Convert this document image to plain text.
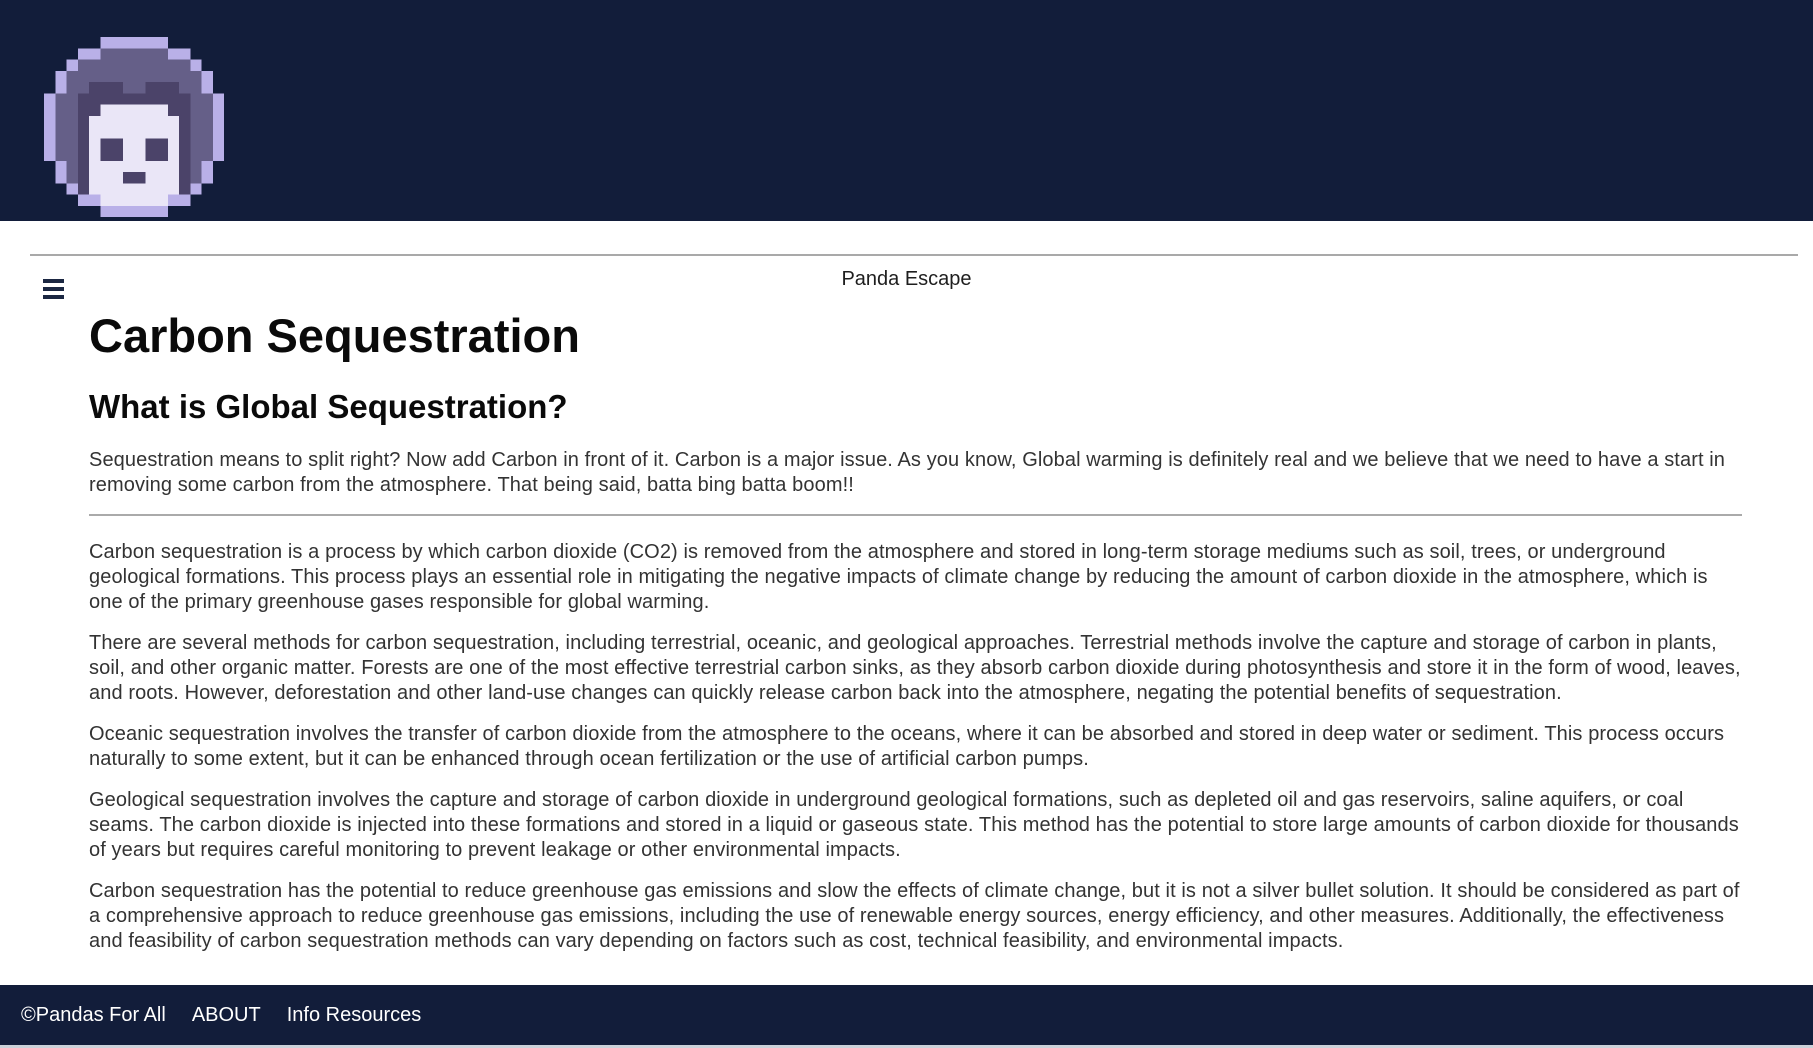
Panda Escape
Carbon Sequestration
What is Global Sequestration?

Sequestration means to split right? Now add Carbon in front of it. Carbon is a major issue. As you know, Global warming is definitely real and we believe that we need to have a start in removing some carbon from the atmosphere. That being said, batta bing batta boom!!

Carbon sequestration is a process by which carbon dioxide (CO2) is removed from the atmosphere and stored in long-term storage mediums such as soil, trees, or underground geological formations. This process plays an essential role in mitigating the negative impacts of climate change by reducing the amount of carbon dioxide in the atmosphere, which is one of the primary greenhouse gases responsible for global warming.

There are several methods for carbon sequestration, including terrestrial, oceanic, and geological approaches. Terrestrial methods involve the capture and storage of carbon in plants, soil, and other organic matter. Forests are one of the most effective terrestrial carbon sinks, as they absorb carbon dioxide during photosynthesis and store it in the form of wood, leaves, and roots. However, deforestation and other land-use changes can quickly release carbon back into the atmosphere, negating the potential benefits of sequestration.

Oceanic sequestration involves the transfer of carbon dioxide from the atmosphere to the oceans, where it can be absorbed and stored in deep water or sediment. This process occurs naturally to some extent, but it can be enhanced through ocean fertilization or the use of artificial carbon pumps.

Geological sequestration involves the capture and storage of carbon dioxide in underground geological formations, such as depleted oil and gas reservoirs, saline aquifers, or coal seams. The carbon dioxide is injected into these formations and stored in a liquid or gaseous state. This method has the potential to store large amounts of carbon dioxide for thousands of years but requires careful monitoring to prevent leakage or other environmental impacts.

Carbon sequestration has the potential to reduce greenhouse gas emissions and slow the effects of climate change, but it is not a silver bullet solution. It should be considered as part of a comprehensive approach to reduce greenhouse gas emissions, including the use of renewable energy sources, energy efficiency, and other measures. Additionally, the effectiveness and feasibility of carbon sequestration methods can vary depending on factors such as cost, technical feasibility, and environmental impacts.

©Pandas For All ABOUT Info Resources
